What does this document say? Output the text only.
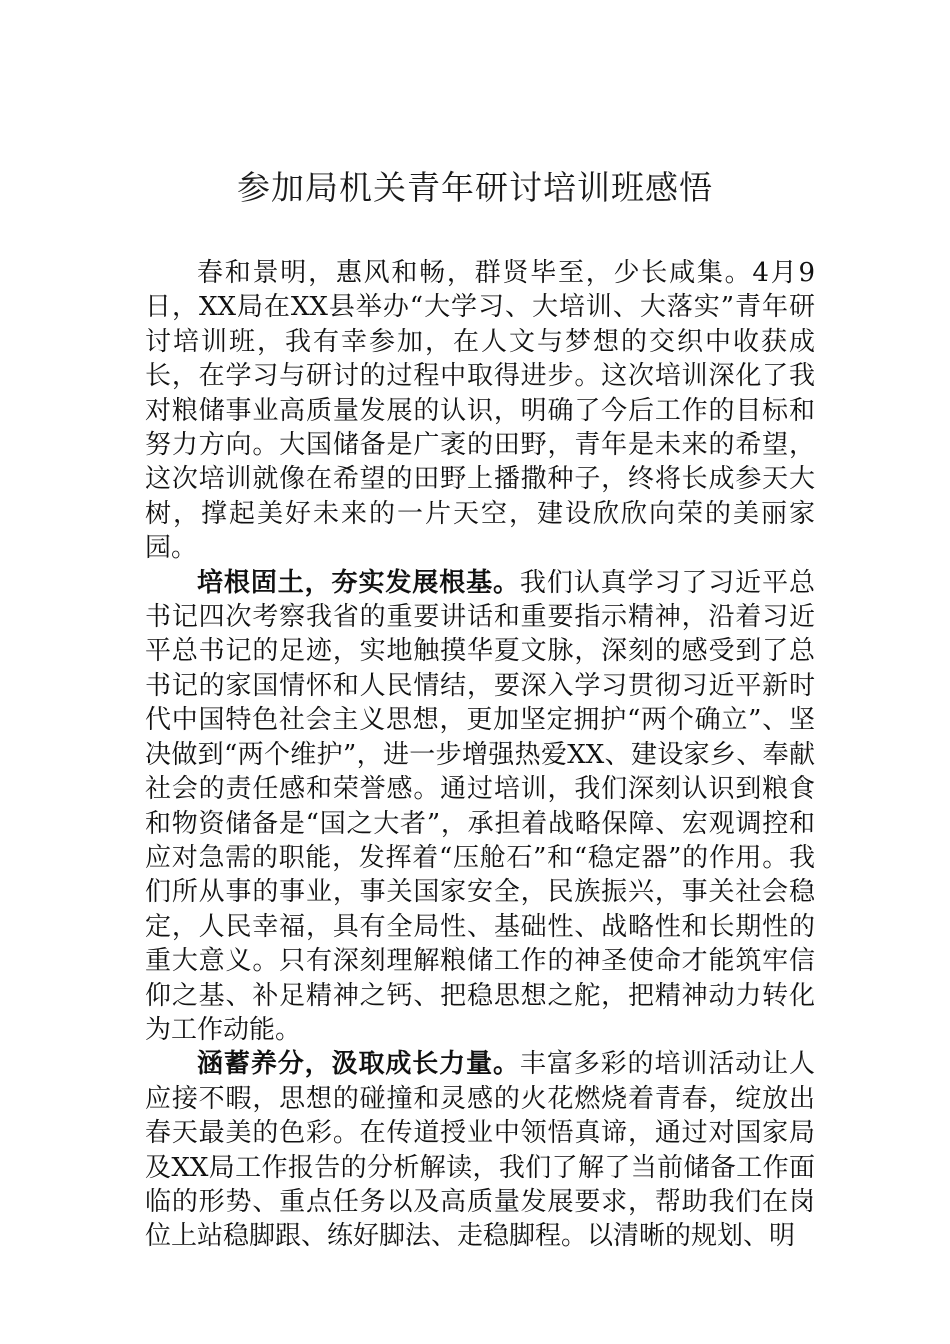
参加局机关青年研讨培训班感悟

春和景明，惠风和畅，群贤毕至，少长咸集。4月9日，XX局在XX县举办“大学习、大培训、大落实”青年研讨培训班，我有幸参加，在人文与梦想的交织中收获成长，在学习与研讨的过程中取得进步。这次培训深化了我对粮储事业高质量发展的认识，明确了今后工作的目标和努力方向。大国储备是广袤的田野，青年是未来的希望，这次培训就像在希望的田野上播撒种子，终将长成参天大树，撑起美好未来的一片天空，建设欣欣向荣的美丽家园。

培根固土，夯实发展根基。我们认真学习了习近平总书记四次考察我省的重要讲话和重要指示精神，沿着习近平总书记的足迹，实地触摸华夏文脉，深刻的感受到了总书记的家国情怀和人民情结，要深入学习贯彻习近平新时代中国特色社会主义思想，更加坚定拥护“两个确立”、坚决做到“两个维护”，进一步增强热爱XX、建设家乡、奉献社会的责任感和荣誉感。通过培训，我们深刻认识到粮食和物资储备是“国之大者”，承担着战略保障、宏观调控和应对急需的职能，发挥着“压舱石”和“稳定器”的作用。我们所从事的事业，事关国家安全，民族振兴，事关社会稳定，人民幸福，具有全局性、基础性、战略性和长期性的重大意义。只有深刻理解粮储工作的神圣使命才能筑牢信仰之基、补足精神之钙、把稳思想之舵，把精神动力转化为工作动能。

涵蓄养分，汲取成长力量。丰富多彩的培训活动让人应接不暇，思想的碰撞和灵感的火花燃烧着青春，绽放出春天最美的色彩。在传道授业中领悟真谛，通过对国家局及XX局工作报告的分析解读，我们了解了当前储备工作面临的形势、重点任务以及高质量发展要求，帮助我们在岗位上站稳脚跟、练好脚法、走稳脚程。以清晰的规划、明
